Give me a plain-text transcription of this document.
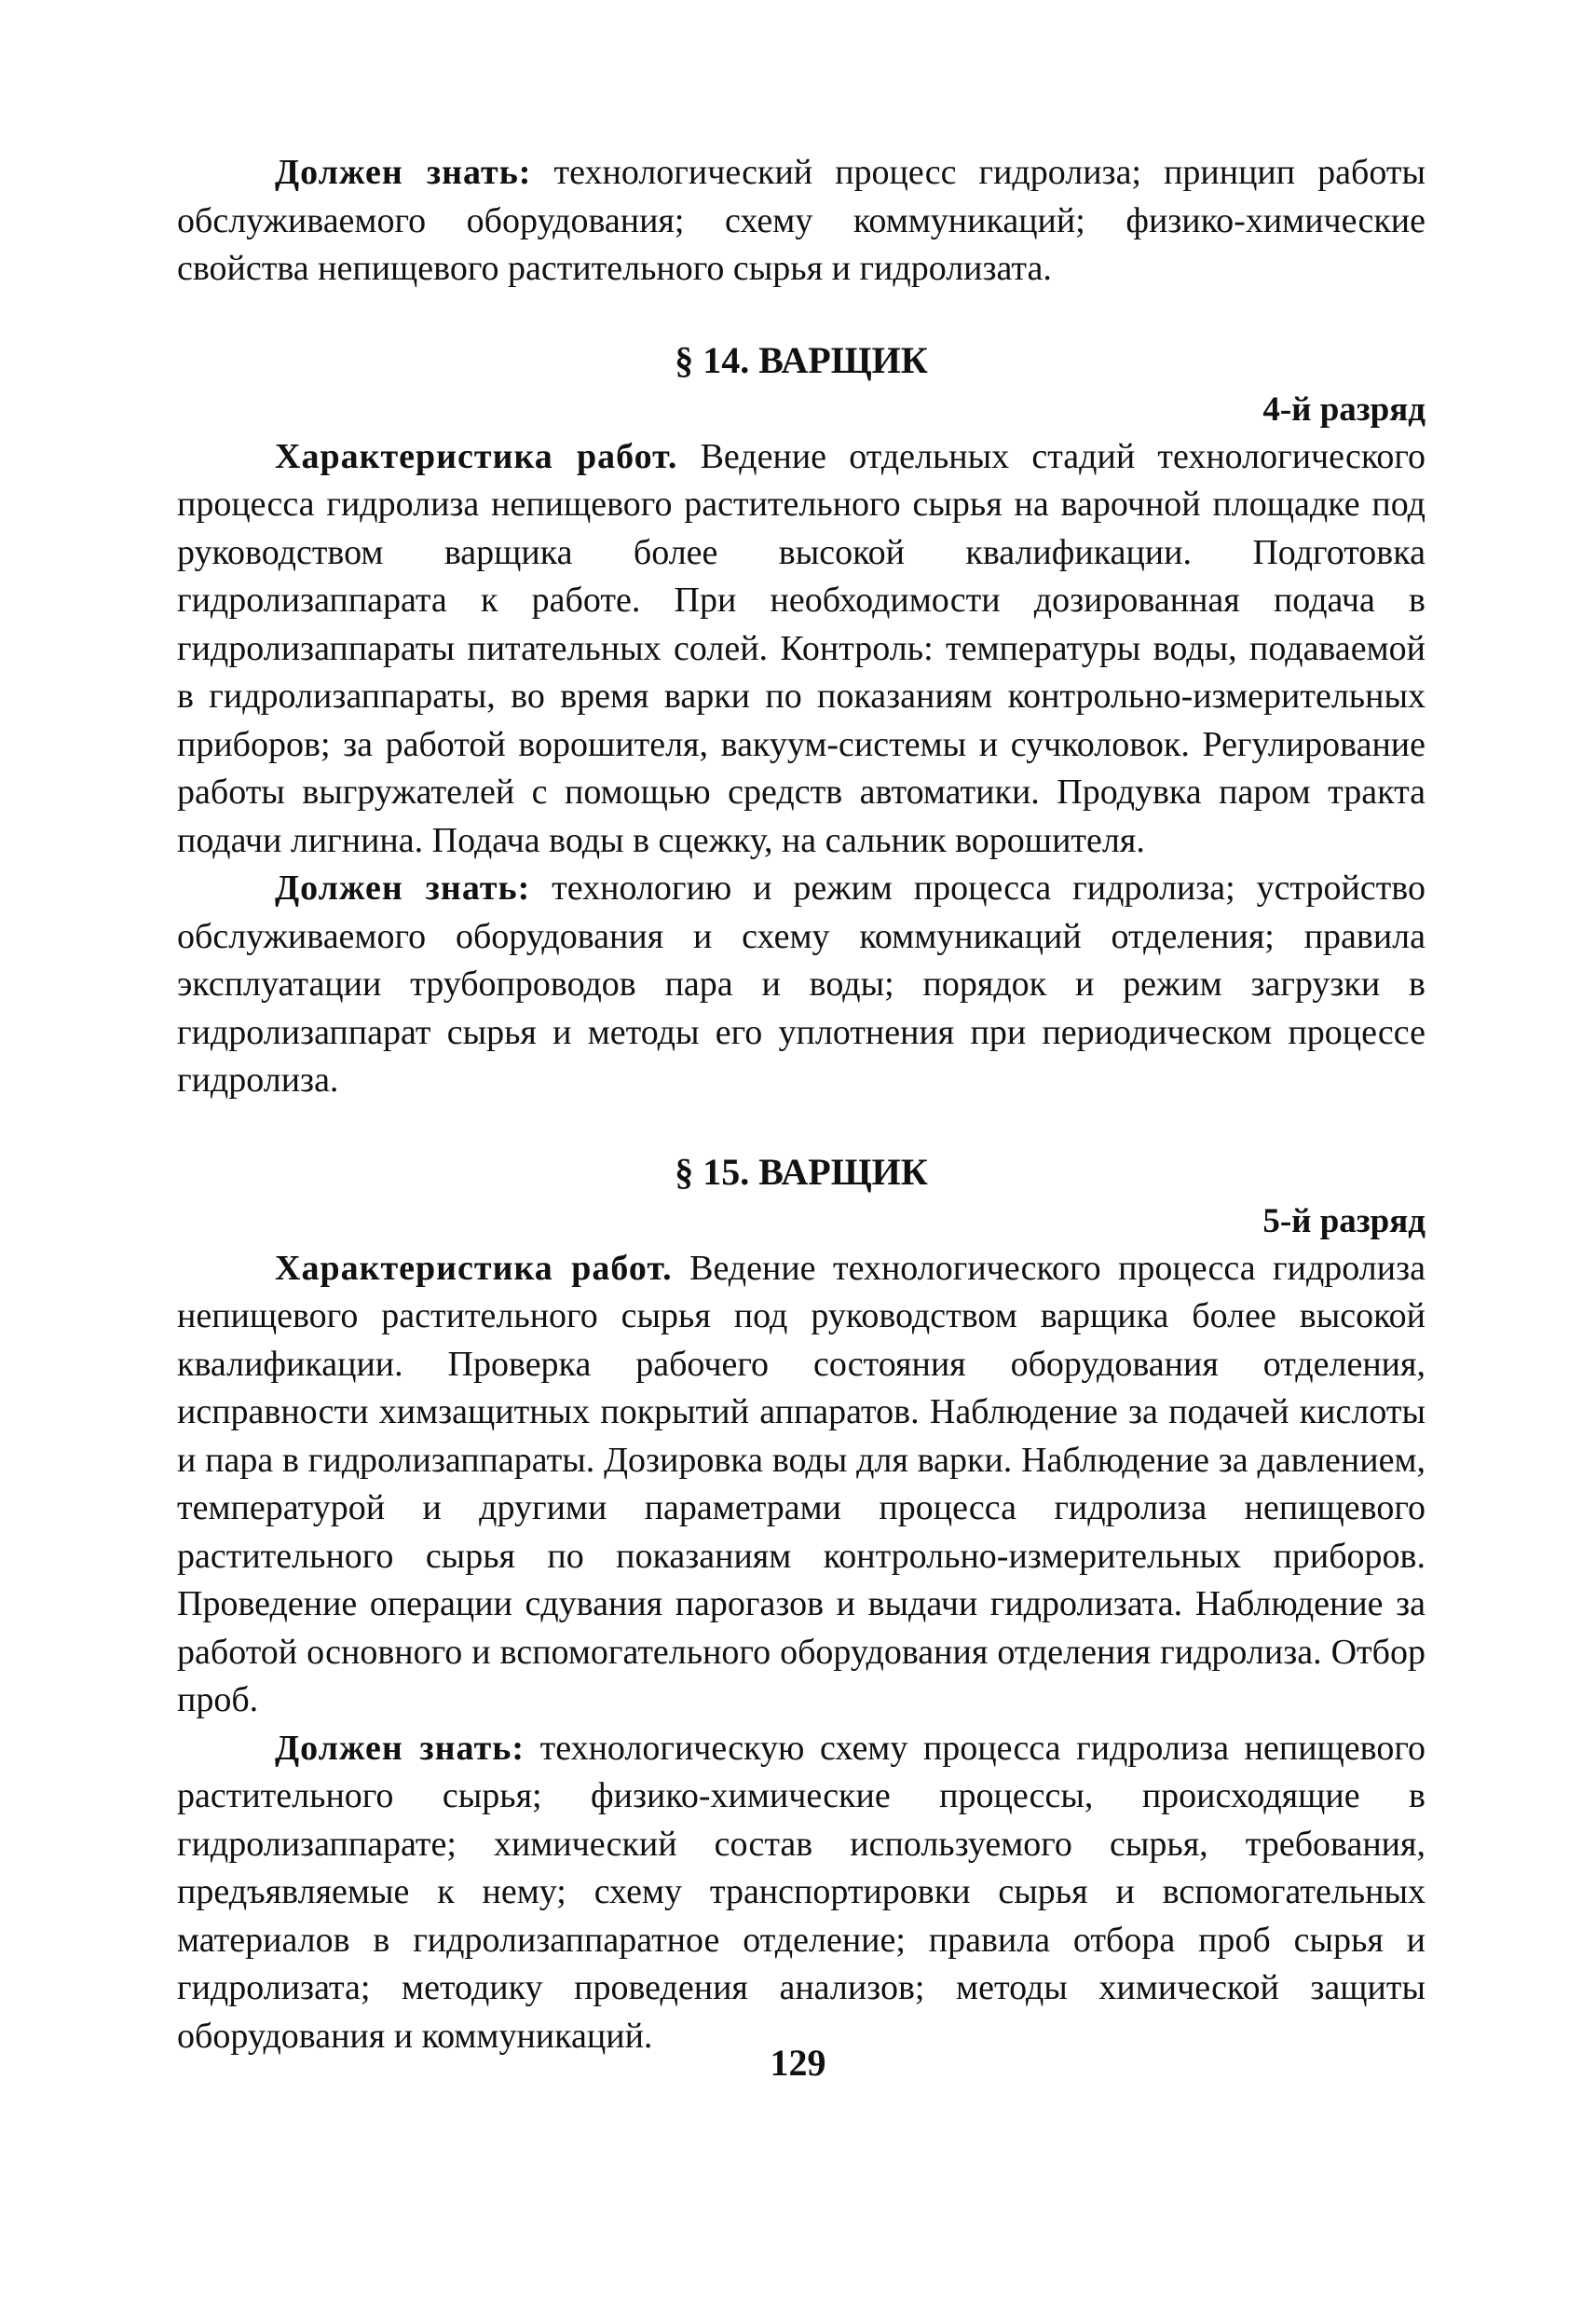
Должен знать: технологический процесс гидролиза; принцип работы обслуживаемого оборудования; схему коммуникаций; физико-химические свойства непищевого растительного сырья и гидролизата.

§ 14. ВАРЩИК
4-й разряд

Характеристика работ. Ведение отдельных стадий технологического процесса гидролиза непищевого растительного сырья на варочной площадке под руководством варщика более высокой квалификации. Подготовка гидролизаппарата к работе. При необходимости дозированная подача в гидролизаппараты питательных солей. Контроль: температуры воды, подаваемой в гидролизаппараты, во время варки по показаниям контрольно-измерительных приборов; за работой ворошителя, вакуум-системы и сучколовок. Регулирование работы выгружателей с помощью средств автоматики. Продувка паром тракта подачи лигнина. Подача воды в сцежку, на сальник ворошителя.

Должен знать: технологию и режим процесса гидролиза; устройство обслуживаемого оборудования и схему коммуникаций отделения; правила эксплуатации трубопроводов пара и воды; порядок и режим загрузки в гидролизаппарат сырья и методы его уплотнения при периодическом процессе гидролиза.

§ 15. ВАРЩИК
5-й разряд

Характеристика работ. Ведение технологического процесса гидролиза непищевого растительного сырья под руководством варщика более высокой квалификации. Проверка рабочего состояния оборудования отделения, исправности химзащитных покрытий аппаратов. Наблюдение за подачей кислоты и пара в гидролизаппараты. Дозировка воды для варки. Наблюдение за давлением, температурой и другими параметрами процесса гидролиза непищевого растительного сырья по показаниям контрольно-измерительных приборов. Проведение операции сдувания парогазов и выдачи гидролизата. Наблюдение за работой основного и вспомогательного оборудования отделения гидролиза. Отбор проб.

Должен знать: технологическую схему процесса гидролиза непищевого растительного сырья; физико-химические процессы, происходящие в гидролизаппарате; химический состав используемого сырья, требования, предъявляемые к нему; схему транспортировки сырья и вспомогательных материалов в гидролизаппаратное отделение; правила отбора проб сырья и гидролизата; методику проведения анализов; методы химической защиты оборудования и коммуникаций.

129
